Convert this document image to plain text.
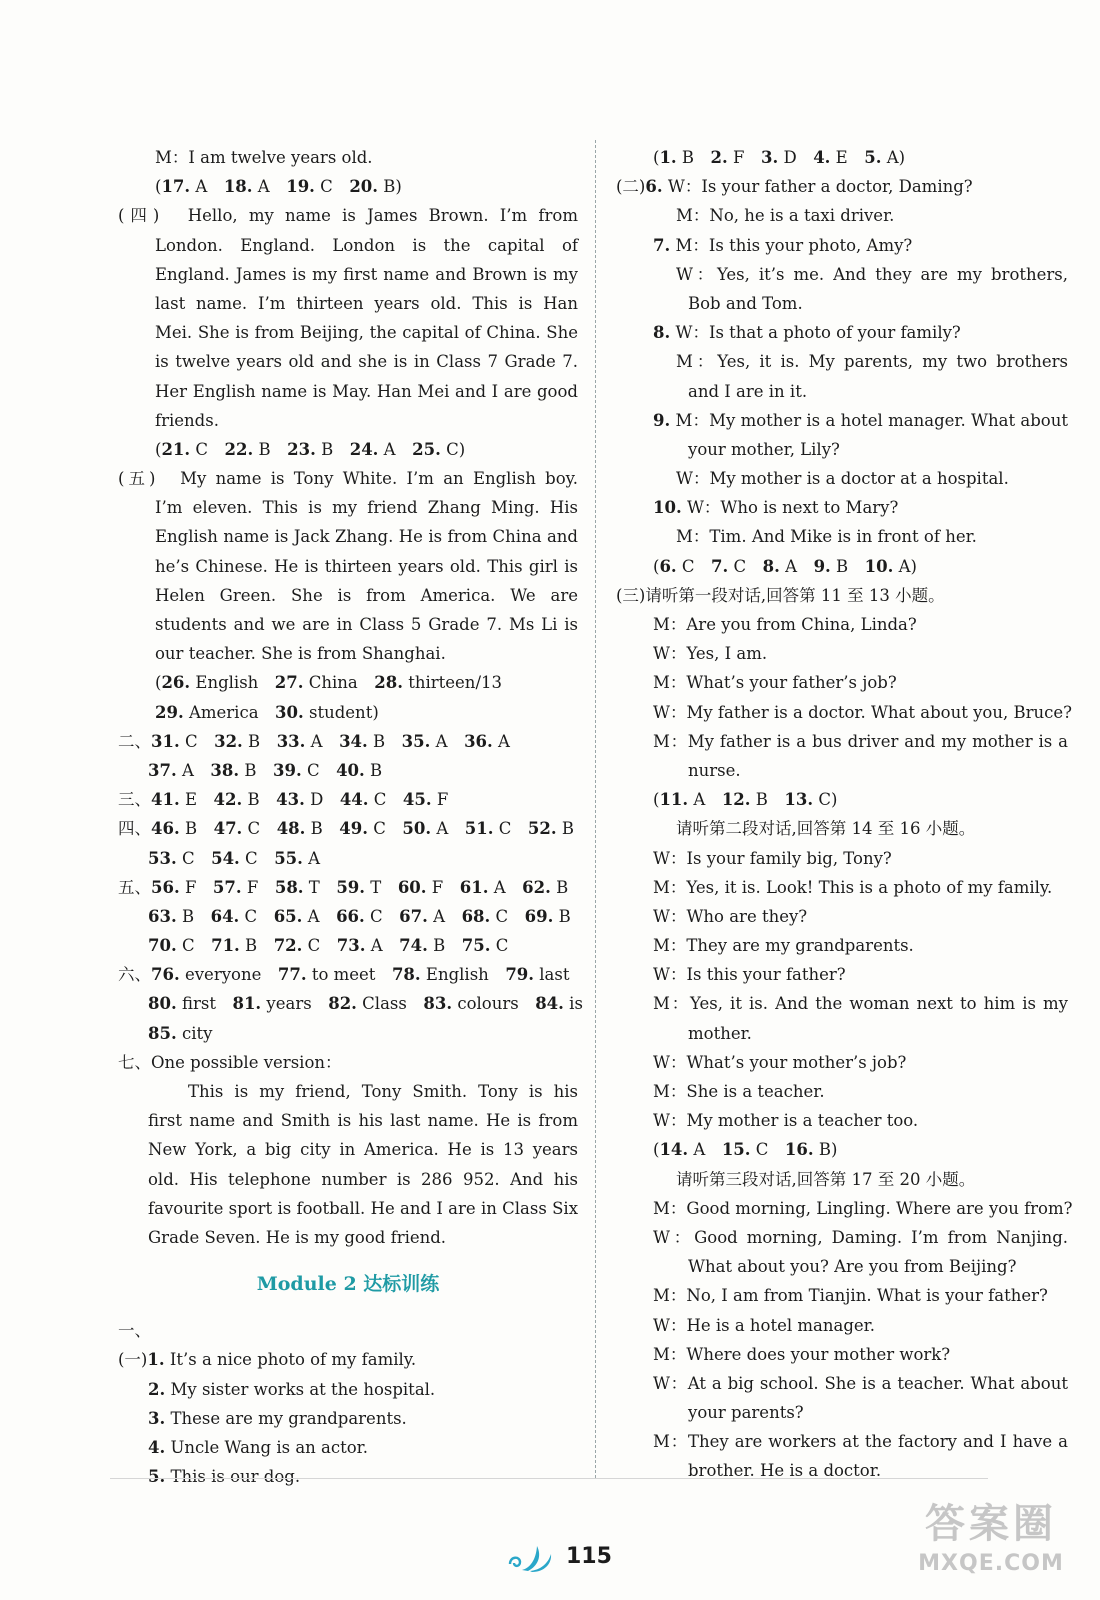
M：I am twelve years old.
(17. A　18. A　19. C　20. B)
(四)　Hello, my name is James Brown. I’m from
London. England. London is the capital of
England. James is my first name and Brown is my
last name. I’m thirteen years old. This is Han
Mei. She is from Beijing, the capital of China. She
is twelve years old and she is in Class 7 Grade 7.
Her English name is May. Han Mei and I are good
friends.
(21. C　22. B　23. B　24. A　25. C)
(五)　My name is Tony White. I’m an English boy.
I’m eleven. This is my friend Zhang Ming. His
English name is Jack Zhang. He is from China and
he’s Chinese. He is thirteen years old. This girl is
Helen Green. She is from America. We are
students and we are in Class 5 Grade 7. Ms Li is
our teacher. She is from Shanghai.
(26. English　27. China　28. thirteen/13
29. America　30. student)
二、31. C　32. B　33. A　34. B　35. A　36. A
37. A　38. B　39. C　40. B
三、41. E　42. B　43. D　44. C　45. F
四、46. B　47. C　48. B　49. C　50. A　51. C　52. B
53. C　54. C　55. A
五、56. F　57. F　58. T　59. T　60. F　61. A　62. B
63. B　64. C　65. A　66. C　67. A　68. C　69. B
70. C　71. B　72. C　73. A　74. B　75. C
六、76. everyone　77. to meet　78. English　79. last
80. first　81. years　82. Class　83. colours　84. is
85. city
七、One possible version：
This is my friend, Tony Smith. Tony is his
first name and Smith is his last name. He is from
New York, a big city in America. He is 13 years
old. His telephone number is 286 952. And his
favourite sport is football. He and I are in Class Six
Grade Seven. He is my good friend.
Module 2 达标训练
一、
(一)1. It’s a nice photo of my family.
2. My sister works at the hospital.
3. These are my grandparents.
4. Uncle Wang is an actor.
5. This is our dog.
(1. B　2. F　3. D　4. E　5. A)
(二)6. W：Is your father a doctor, Daming?
M：No, he is a taxi driver.
7. M：Is this your photo, Amy?
W：Yes, it’s me. And they are my brothers,
Bob and Tom.
8. W：Is that a photo of your family?
M：Yes, it is. My parents, my two brothers
and I are in it.
9. M：My mother is a hotel manager. What about
your mother, Lily?
W：My mother is a doctor at a hospital.
10. W：Who is next to Mary?
M：Tim. And Mike is in front of her.
(6. C　7. C　8. A　9. B　10. A)
(三)请听第一段对话,回答第 11 至 13 小题。
M：Are you from China, Linda?
W：Yes, I am.
M：What’s your father’s job?
W：My father is a doctor. What about you, Bruce?
M：My father is a bus driver and my mother is a
nurse.
(11. A　12. B　13. C)
请听第二段对话,回答第 14 至 16 小题。
W：Is your family big, Tony?
M：Yes, it is. Look! This is a photo of my family.
W：Who are they?
M：They are my grandparents.
W：Is this your father?
M：Yes, it is. And the woman next to him is my
mother.
W：What’s your mother’s job?
M：She is a teacher.
W：My mother is a teacher too.
(14. A　15. C　16. B)
请听第三段对话,回答第 17 至 20 小题。
M：Good morning, Lingling. Where are you from?
W：Good morning, Daming. I’m from Nanjing.
What about you? Are you from Beijing?
M：No, I am from Tianjin. What is your father?
W：He is a hotel manager.
M：Where does your mother work?
W：At a big school. She is a teacher. What about
your parents?
M：They are workers at the factory and I have a
brother. He is a doctor.
115
答案圈
MXQE.COM
